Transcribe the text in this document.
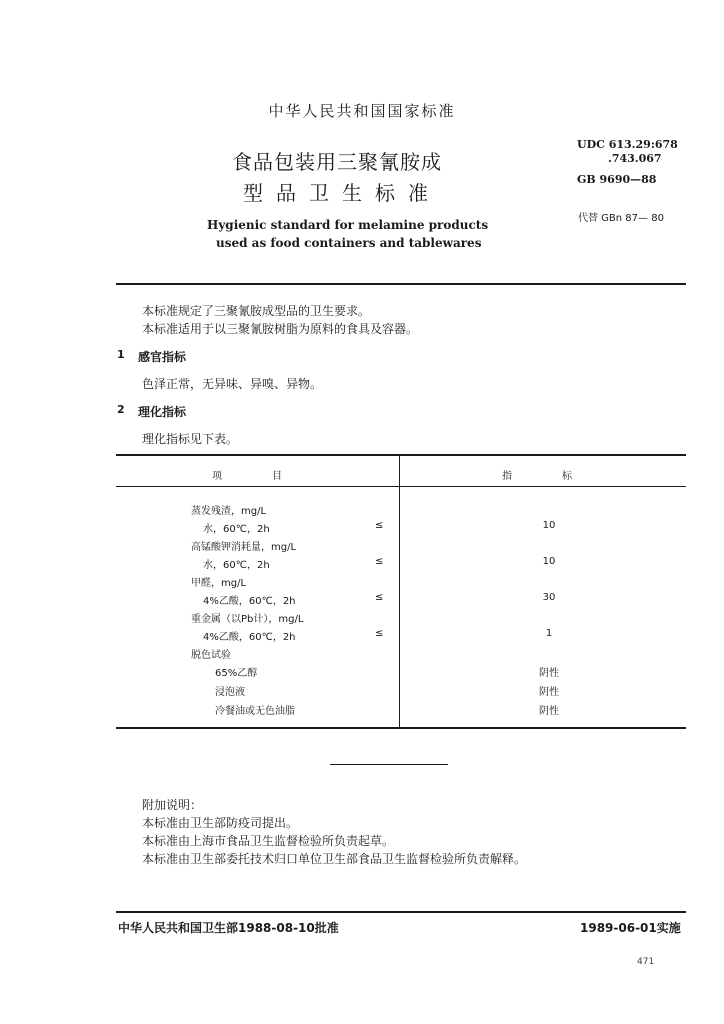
中华人民共和国国家标准
食品包装用三聚氰胺成
型品卫生标准
Hygienic standard for melamine products
used as food containers and tablewares
UDC 613.29:678
.743.067
GB 9690—88
代替 GBn 87— 80
本标准规定了三聚氰胺成型品的卫生要求。
本标准适用于以三聚氰胺树脂为原料的食具及容器。
1 感官指标
色泽正常，无异味、异嗅、异物。
2 理化指标
理化指标见下表。
项　　　　　目	指　　　　　标
蒸发残渣，mg/L
水，60℃，2h	≤	10
高锰酸钾消耗量，mg/L
水，60℃，2h	≤	10
甲醛，mg/L
4%乙酸，60℃，2h	≤	30
重金属（以Pb计），mg/L
4%乙酸，60℃，2h	≤	1
脱色试验
65%乙醇	阴性
浸泡液	阴性
冷餐油或无色油脂	阴性
附加说明：
本标准由卫生部防疫司提出。
本标准由上海市食品卫生监督检验所负责起草。
本标准由卫生部委托技术归口单位卫生部食品卫生监督检验所负责解释。
中华人民共和国卫生部1988-08-10批准	1989-06-01实施
471
